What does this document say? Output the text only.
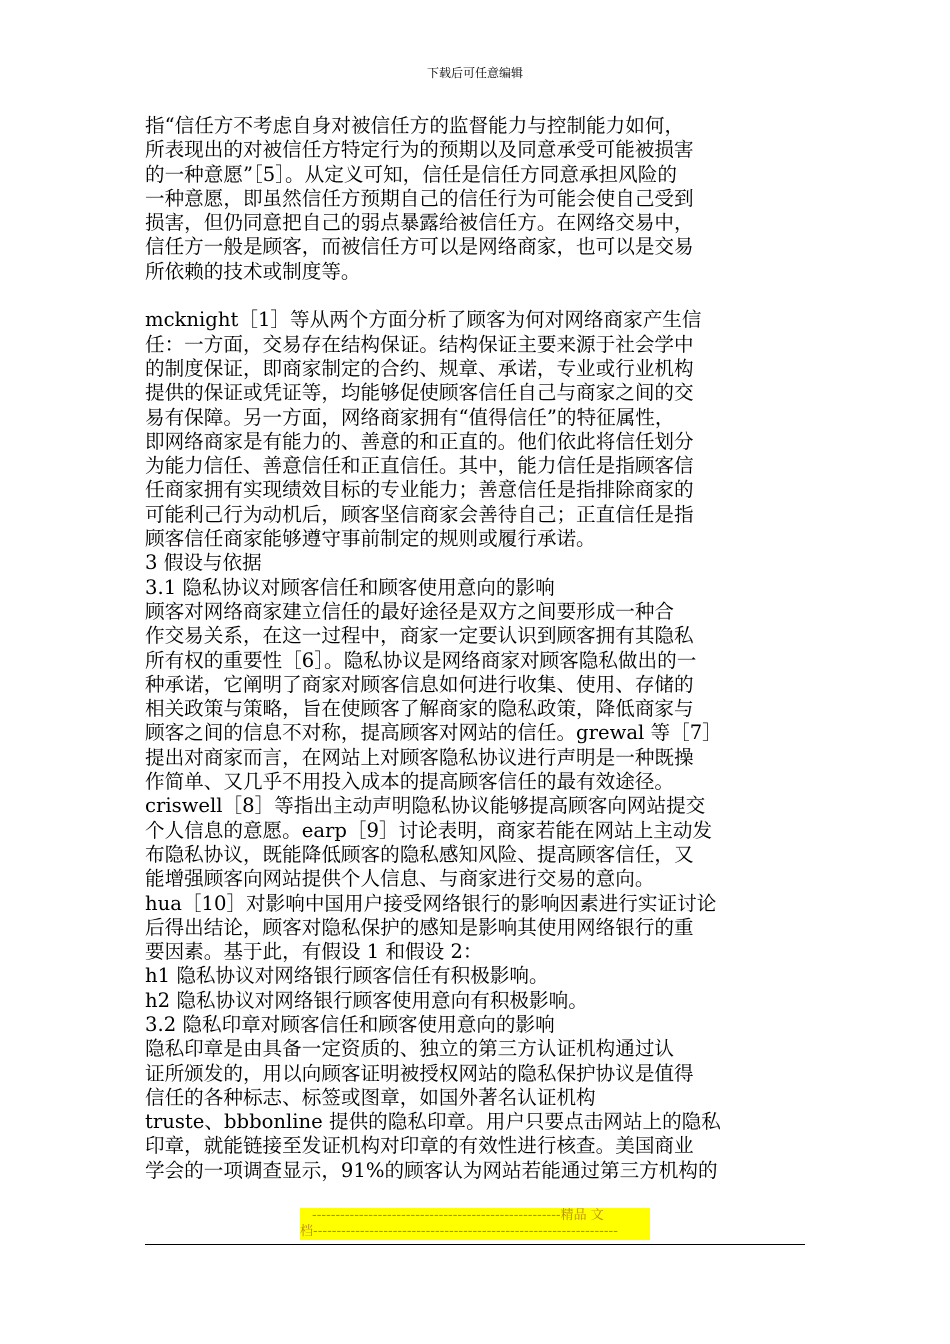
下载后可任意编辑
指“信任方不考虑自身对被信任方的监督能力与控制能力如何，
所表现出的对被信任方特定行为的预期以及同意承受可能被损害
的一种意愿”［5］。从定义可知，信任是信任方同意承担风险的
一种意愿，即虽然信任方预期自己的信任行为可能会使自己受到
损害，但仍同意把自己的弱点暴露给被信任方。在网络交易中，
信任方一般是顾客，而被信任方可以是网络商家，也可以是交易
所依赖的技术或制度等。
mcknight［1］等从两个方面分析了顾客为何对网络商家产生信
任：一方面，交易存在结构保证。结构保证主要来源于社会学中
的制度保证，即商家制定的合约、规章、承诺，专业或行业机构
提供的保证或凭证等，均能够促使顾客信任自己与商家之间的交
易有保障。另一方面，网络商家拥有“值得信任”的特征属性，
即网络商家是有能力的、善意的和正直的。他们依此将信任划分
为能力信任、善意信任和正直信任。其中，能力信任是指顾客信
任商家拥有实现绩效目标的专业能力；善意信任是指排除商家的
可能利己行为动机后，顾客坚信商家会善待自己；正直信任是指
顾客信任商家能够遵守事前制定的规则或履行承诺。
3 假设与依据
3.1 隐私协议对顾客信任和顾客使用意向的影响
顾客对网络商家建立信任的最好途径是双方之间要形成一种合
作交易关系，在这一过程中，商家一定要认识到顾客拥有其隐私
所有权的重要性［6］。隐私协议是网络商家对顾客隐私做出的一
种承诺，它阐明了商家对顾客信息如何进行收集、使用、存储的
相关政策与策略，旨在使顾客了解商家的隐私政策，降低商家与
顾客之间的信息不对称，提高顾客对网站的信任。grewal 等［7］
提出对商家而言，在网站上对顾客隐私协议进行声明是一种既操
作简单、又几乎不用投入成本的提高顾客信任的最有效途径。
criswell［8］等指出主动声明隐私协议能够提高顾客向网站提交
个人信息的意愿。earp［9］讨论表明，商家若能在网站上主动发
布隐私协议，既能降低顾客的隐私感知风险、提高顾客信任，又
能增强顾客向网站提供个人信息、与商家进行交易的意向。
hua［10］对影响中国用户接受网络银行的影响因素进行实证讨论
后得出结论，顾客对隐私保护的感知是影响其使用网络银行的重
要因素。基于此，有假设 1 和假设 2：
h1 隐私协议对网络银行顾客信任有积极影响。
h2 隐私协议对网络银行顾客使用意向有积极影响。
3.2 隐私印章对顾客信任和顾客使用意向的影响
隐私印章是由具备一定资质的、独立的第三方认证机构通过认
证所颁发的，用以向顾客证明被授权网站的隐私保护协议是值得
信任的各种标志、标签或图章，如国外著名认证机构
truste、bbbonline 提供的隐私印章。用户只要点击网站上的隐私
印章，就能链接至发证机构对印章的有效性进行核查。美国商业
学会的一项调查显示，91%的顾客认为网站若能通过第三方机构的
-----------------------------------------------------精品 文
档-----------------------------------------------------------------
